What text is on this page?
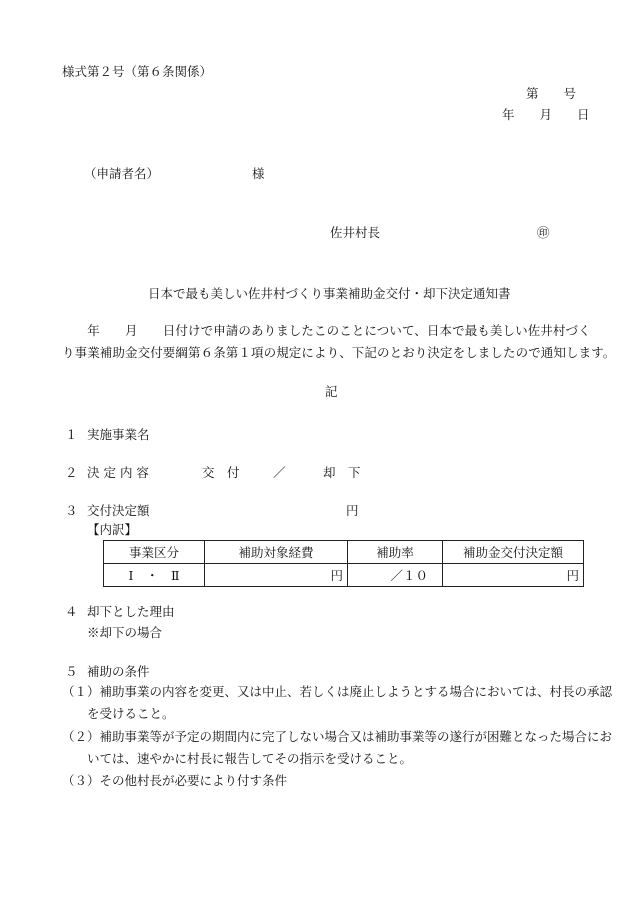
様式第２号（第６条関係）
第　　号
年　　月　　日
（申請者名）	様
佐井村長	㊞
日本で最も美しい佐井村づくり事業補助金交付・却下決定通知書
　　年　　月　　日付けで申請のありましたこのことについて、日本で最も美しい佐井村づく
り事業補助金交付要綱第６条第１項の規定により、下記のとおり決定をしましたので通知します。
記
１ 実施事業名
２ 決 定 内 容	交　付	／	却　下
３ 交付決定額	円
【内訳】
事業区分	補助対象経費	補助率	補助金交付決定額
Ⅰ　・　Ⅱ	円	／１０	円
４ 却下とした理由
※却下の場合
５ 補助の条件
（１）補助事業の内容を変更、又は中止、若しくは廃止しようとする場合においては、村長の承認
を受けること。
（２）補助事業等が予定の期間内に完了しない場合又は補助事業等の遂行が困難となった場合にお
いては、速やかに村長に報告してその指示を受けること。
（３）その他村長が必要により付す条件
